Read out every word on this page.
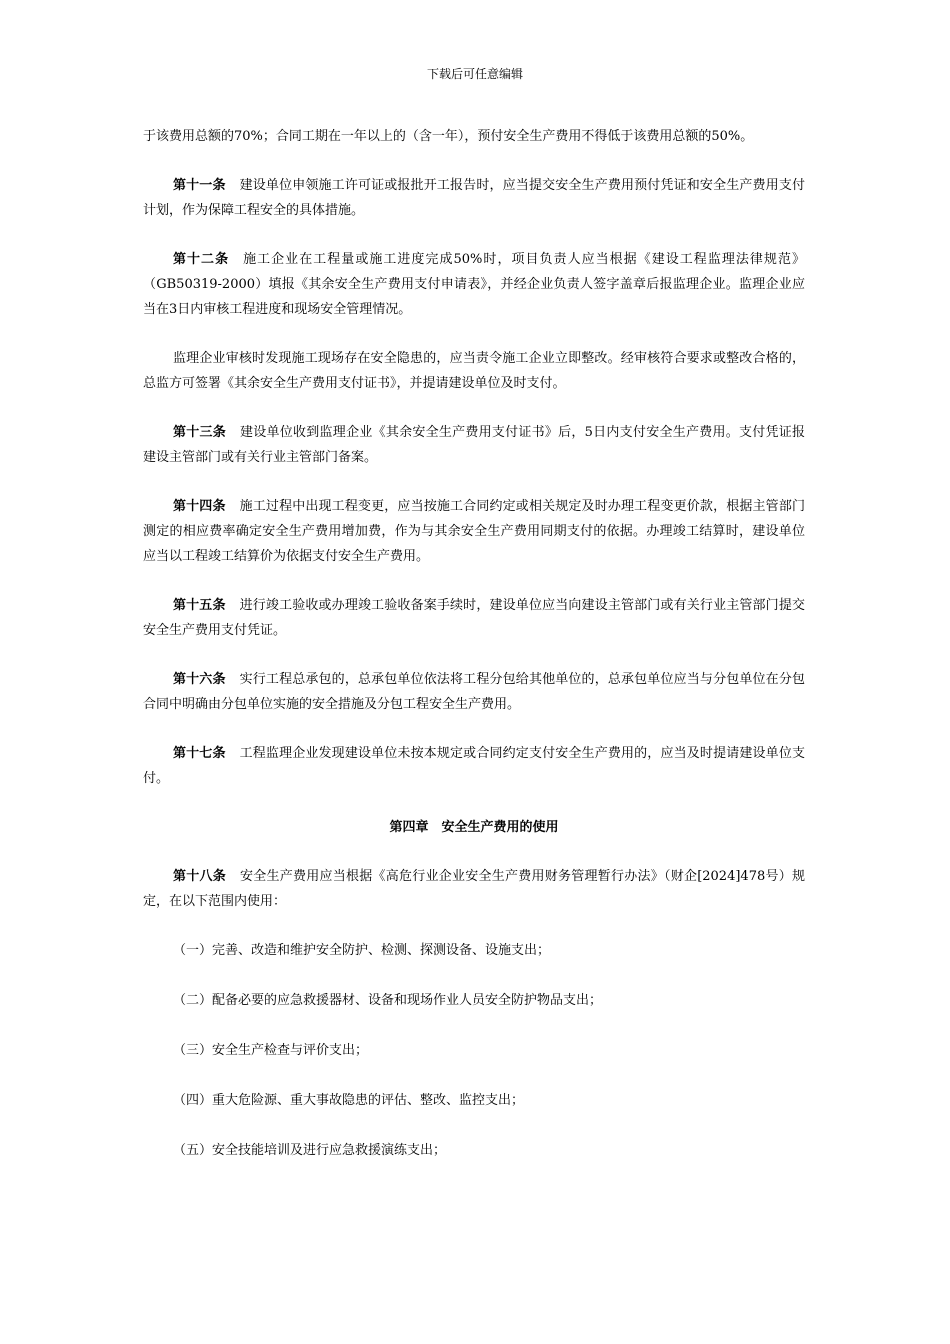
下载后可任意编辑

于该费用总额的70%；合同工期在一年以上的（含一年），预付安全生产费用不得低于该费用总额的50%。

第十一条 建设单位申领施工许可证或报批开工报告时，应当提交安全生产费用预付凭证和安全生产费用支付计划，作为保障工程安全的具体措施。

第十二条 施工企业在工程量或施工进度完成50%时，项目负责人应当根据《建设工程监理法律规范》（GB50319-2000）填报《其余安全生产费用支付申请表》，并经企业负责人签字盖章后报监理企业。监理企业应当在3日内审核工程进度和现场安全管理情况。

监理企业审核时发现施工现场存在安全隐患的，应当责令施工企业立即整改。经审核符合要求或整改合格的，总监方可签署《其余安全生产费用支付证书》，并提请建设单位及时支付。

第十三条 建设单位收到监理企业《其余安全生产费用支付证书》后，5日内支付安全生产费用。支付凭证报建设主管部门或有关行业主管部门备案。

第十四条 施工过程中出现工程变更，应当按施工合同约定或相关规定及时办理工程变更价款，根据主管部门测定的相应费率确定安全生产费用增加费，作为与其余安全生产费用同期支付的依据。办理竣工结算时，建设单位应当以工程竣工结算价为依据支付安全生产费用。

第十五条 进行竣工验收或办理竣工验收备案手续时，建设单位应当向建设主管部门或有关行业主管部门提交安全生产费用支付凭证。

第十六条 实行工程总承包的，总承包单位依法将工程分包给其他单位的，总承包单位应当与分包单位在分包合同中明确由分包单位实施的安全措施及分包工程安全生产费用。

第十七条 工程监理企业发现建设单位未按本规定或合同约定支付安全生产费用的，应当及时提请建设单位支付。

第四章　安全生产费用的使用

第十八条 安全生产费用应当根据《高危行业企业安全生产费用财务管理暂行办法》（财企[2024]478号）规定，在以下范围内使用：

（一）完善、改造和维护安全防护、检测、探测设备、设施支出；

（二）配备必要的应急救援器材、设备和现场作业人员安全防护物品支出；

（三）安全生产检查与评价支出；

（四）重大危险源、重大事故隐患的评估、整改、监控支出；

（五）安全技能培训及进行应急救援演练支出；
